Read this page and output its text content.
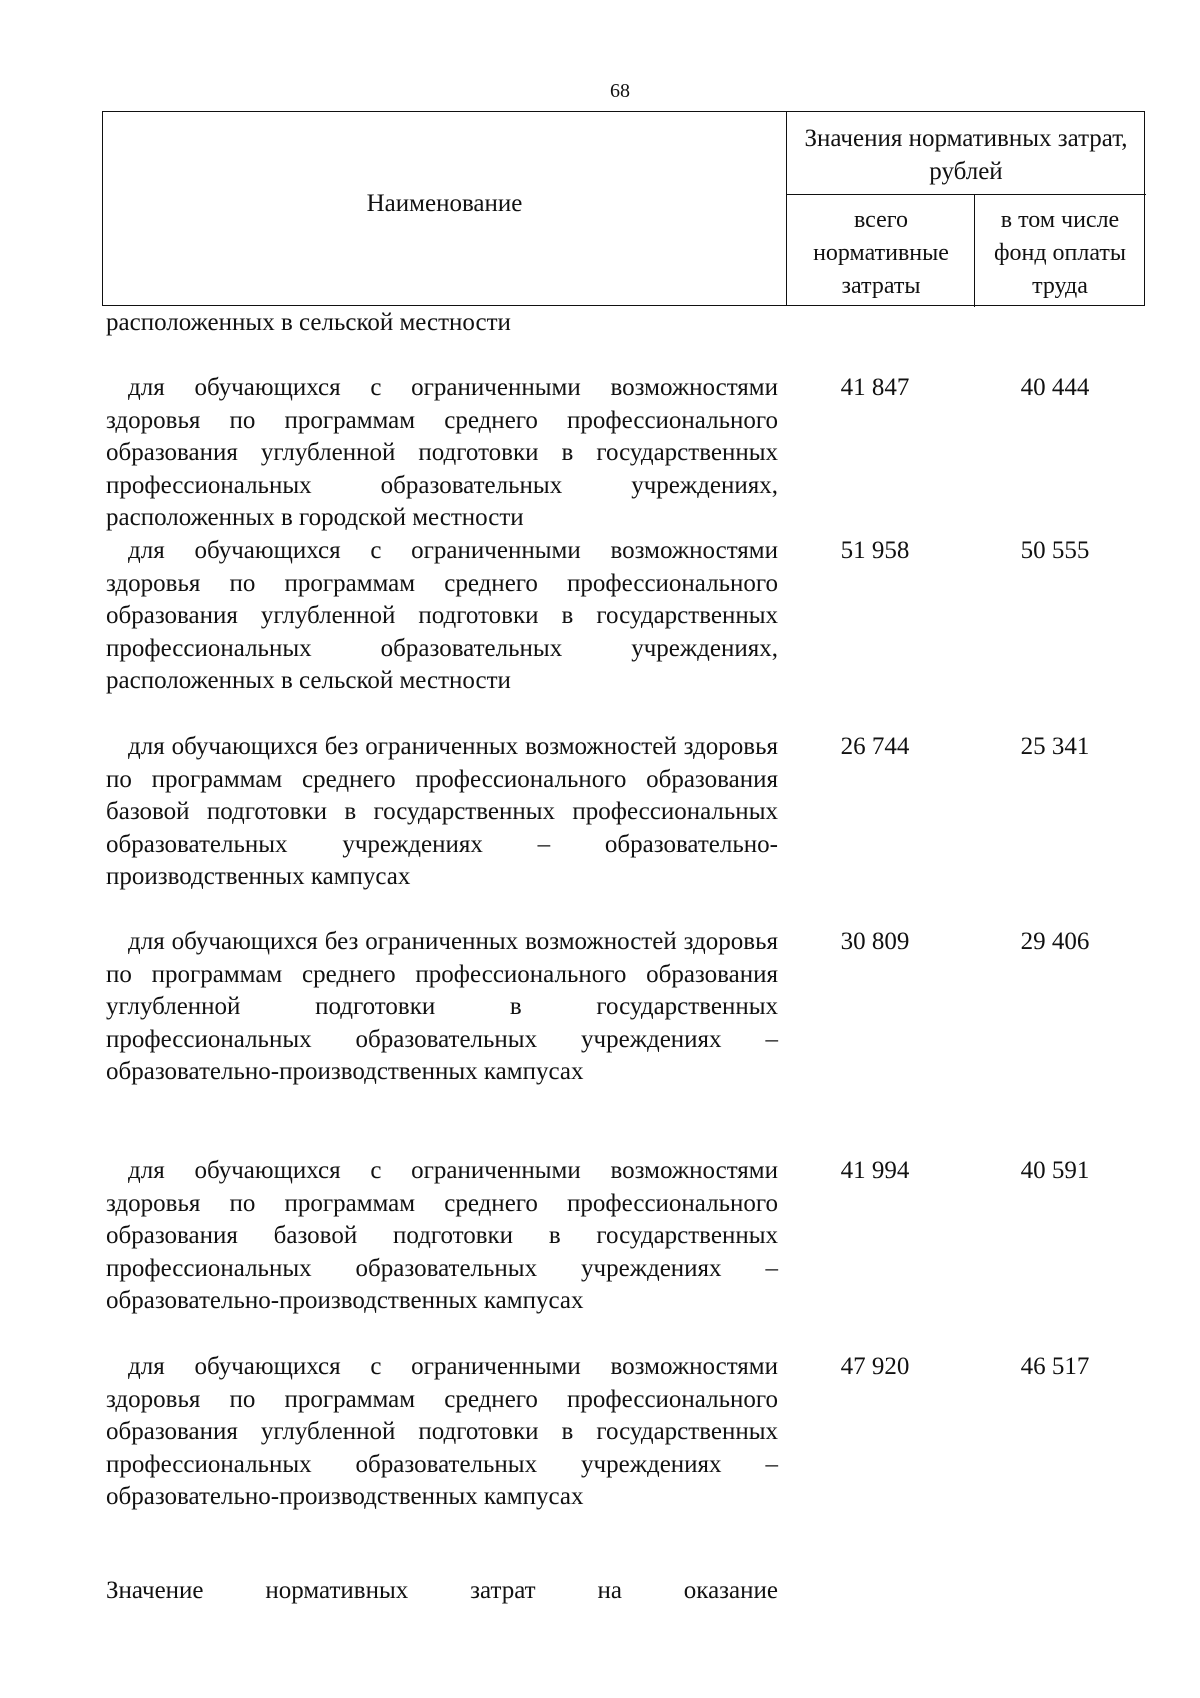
68
Наименование
Значения нормативных затрат, рублей
всего нормативные затраты
в том числе фонд оплаты труда
расположенных в сельской местности
для обучающихся с ограниченными возможностями здоровья по программам среднего профессионального образования углубленной подготовки в государственных профессиональных образовательных учреждениях, расположенных в городской местности
41 847	40 444
для обучающихся с ограниченными возможностями здоровья по программам среднего профессионального образования углубленной подготовки в государственных профессиональных образовательных учреждениях, расположенных в сельской местности
51 958	50 555
для обучающихся без ограниченных возможностей здоровья по программам среднего профессионального образования базовой подготовки в государственных профессиональных образовательных учреждениях – образовательно-производственных кампусах
26 744	25 341
для обучающихся без ограниченных возможностей здоровья по программам среднего профессионального образования углубленной подготовки в государственных профессиональных образовательных учреждениях – образовательно-производственных кампусах
30 809	29 406
для обучающихся с ограниченными возможностями здоровья по программам среднего профессионального образования базовой подготовки в государственных профессиональных образовательных учреждениях – образовательно-производственных кампусах
41 994	40 591
для обучающихся с ограниченными возможностями здоровья по программам среднего профессионального образования углубленной подготовки в государственных профессиональных образовательных учреждениях – образовательно-производственных кампусах
47 920	46 517
Значение нормативных затрат на оказание
